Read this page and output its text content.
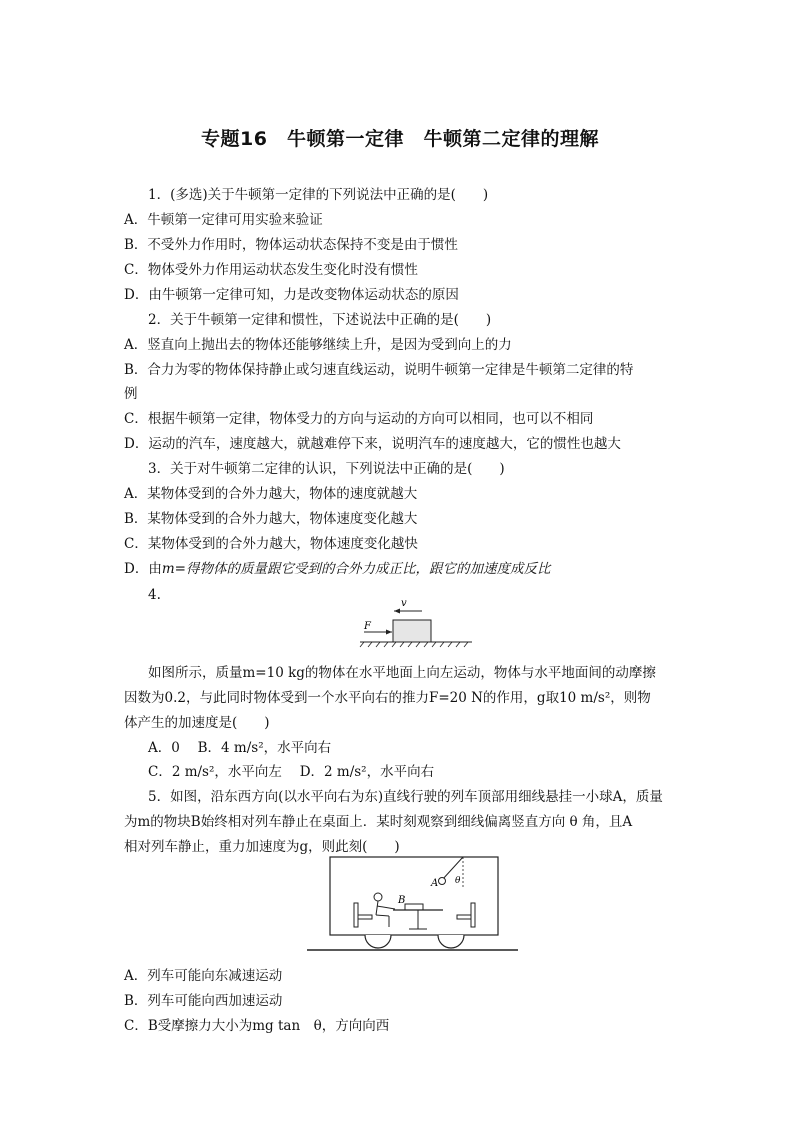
专题16　牛顿第一定律　牛顿第二定律的理解
1．(多选)关于牛顿第一定律的下列说法中正确的是(　　)
A．牛顿第一定律可用实验来验证
B．不受外力作用时，物体运动状态保持不变是由于惯性
C．物体受外力作用运动状态发生变化时没有惯性
D．由牛顿第一定律可知，力是改变物体运动状态的原因
2．关于牛顿第一定律和惯性，下述说法中正确的是(　　)
A．竖直向上抛出去的物体还能够继续上升，是因为受到向上的力
B．合力为零的物体保持静止或匀速直线运动，说明牛顿第一定律是牛顿第二定律的特
例
C．根据牛顿第一定律，物体受力的方向与运动的方向可以相同，也可以不相同
D．运动的汽车，速度越大，就越难停下来，说明汽车的速度越大，它的惯性也越大
3．关于对牛顿第二定律的认识，下列说法中正确的是(　　)
A．某物体受到的合外力越大，物体的速度就越大
B．某物体受到的合外力越大，物体速度变化越大
C．某物体受到的合外力越大，物体速度变化越快
D．由m=得物体的质量跟它受到的合外力成正比，跟它的加速度成反比
4.
v
F
如图所示，质量m=10 kg的物体在水平地面上向左运动，物体与水平地面间的动摩擦
因数为0.2，与此同时物体受到一个水平向右的推力F=20 N的作用，g取10 m/s²，则物
体产生的加速度是(　　)
A．0　 B．4 m/s²，水平向右
C．2 m/s²，水平向左　 D．2 m/s²，水平向右
5．如图，沿东西方向(以水平向右为东)直线行驶的列车顶部用细线悬挂一小球A，质量
为m的物块B始终相对列车静止在桌面上．某时刻观察到细线偏离竖直方向 θ 角，且A
相对列车静止，重力加速度为g，则此刻(　　)
A θ
B
A．列车可能向东减速运动
B．列车可能向西加速运动
C．B受摩擦力大小为mg tan　θ，方向向西
